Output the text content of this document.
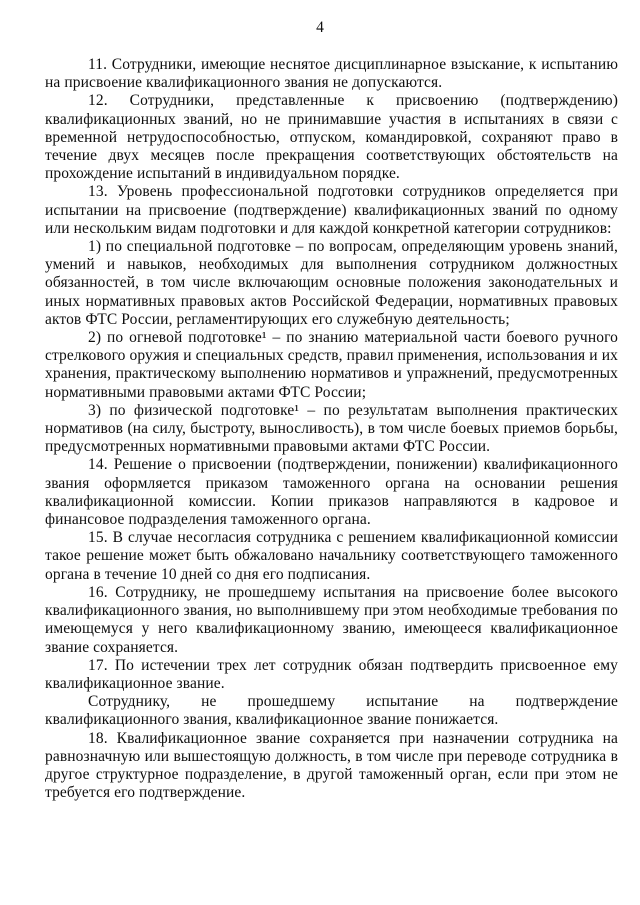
4

11. Сотрудники, имеющие неснятое дисциплинарное взыскание, к испытанию на присвоение квалификационного звания не допускаются.

12. Сотрудники, представленные к присвоению (подтверждению) квалификационных званий, но не принимавшие участия в испытаниях в связи с временной нетрудоспособностью, отпуском, командировкой, сохраняют право в течение двух месяцев после прекращения соответствующих обстоятельств на прохождение испытаний в индивидуальном порядке.

13. Уровень профессиональной подготовки сотрудников определяется при испытании на присвоение (подтверждение) квалификационных званий по одному или нескольким видам подготовки и для каждой конкретной категории сотрудников:

1) по специальной подготовке – по вопросам, определяющим уровень знаний, умений и навыков, необходимых для выполнения сотрудником должностных обязанностей, в том числе включающим основные положения законодательных и иных нормативных правовых актов Российской Федерации, нормативных правовых актов ФТС России, регламентирующих его служебную деятельность;

2) по огневой подготовке¹ – по знанию материальной части боевого ручного стрелкового оружия и специальных средств, правил применения, использования и их хранения, практическому выполнению нормативов и упражнений, предусмотренных нормативными правовыми актами ФТС России;

3) по физической подготовке¹ – по результатам выполнения практических нормативов (на силу, быстроту, выносливость), в том числе боевых приемов борьбы, предусмотренных нормативными правовыми актами ФТС России.

14. Решение о присвоении (подтверждении, понижении) квалификационного звания оформляется приказом таможенного органа на основании решения квалификационной комиссии. Копии приказов направляются в кадровое и финансовое подразделения таможенного органа.

15. В случае несогласия сотрудника с решением квалификационной комиссии такое решение может быть обжаловано начальнику соответствующего таможенного органа в течение 10 дней со дня его подписания.

16. Сотруднику, не прошедшему испытания на присвоение более высокого квалификационного звания, но выполнившему при этом необходимые требования по имеющемуся у него квалификационному званию, имеющееся квалификационное звание сохраняется.

17. По истечении трех лет сотрудник обязан подтвердить присвоенное ему квалификационное звание.

Сотруднику, не прошедшему испытание на подтверждение квалификационного звания, квалификационное звание понижается.

18. Квалификационное звание сохраняется при назначении сотрудника на равнозначную или вышестоящую должность, в том числе при переводе сотрудника в другое структурное подразделение, в другой таможенный орган, если при этом не требуется его подтверждение.
